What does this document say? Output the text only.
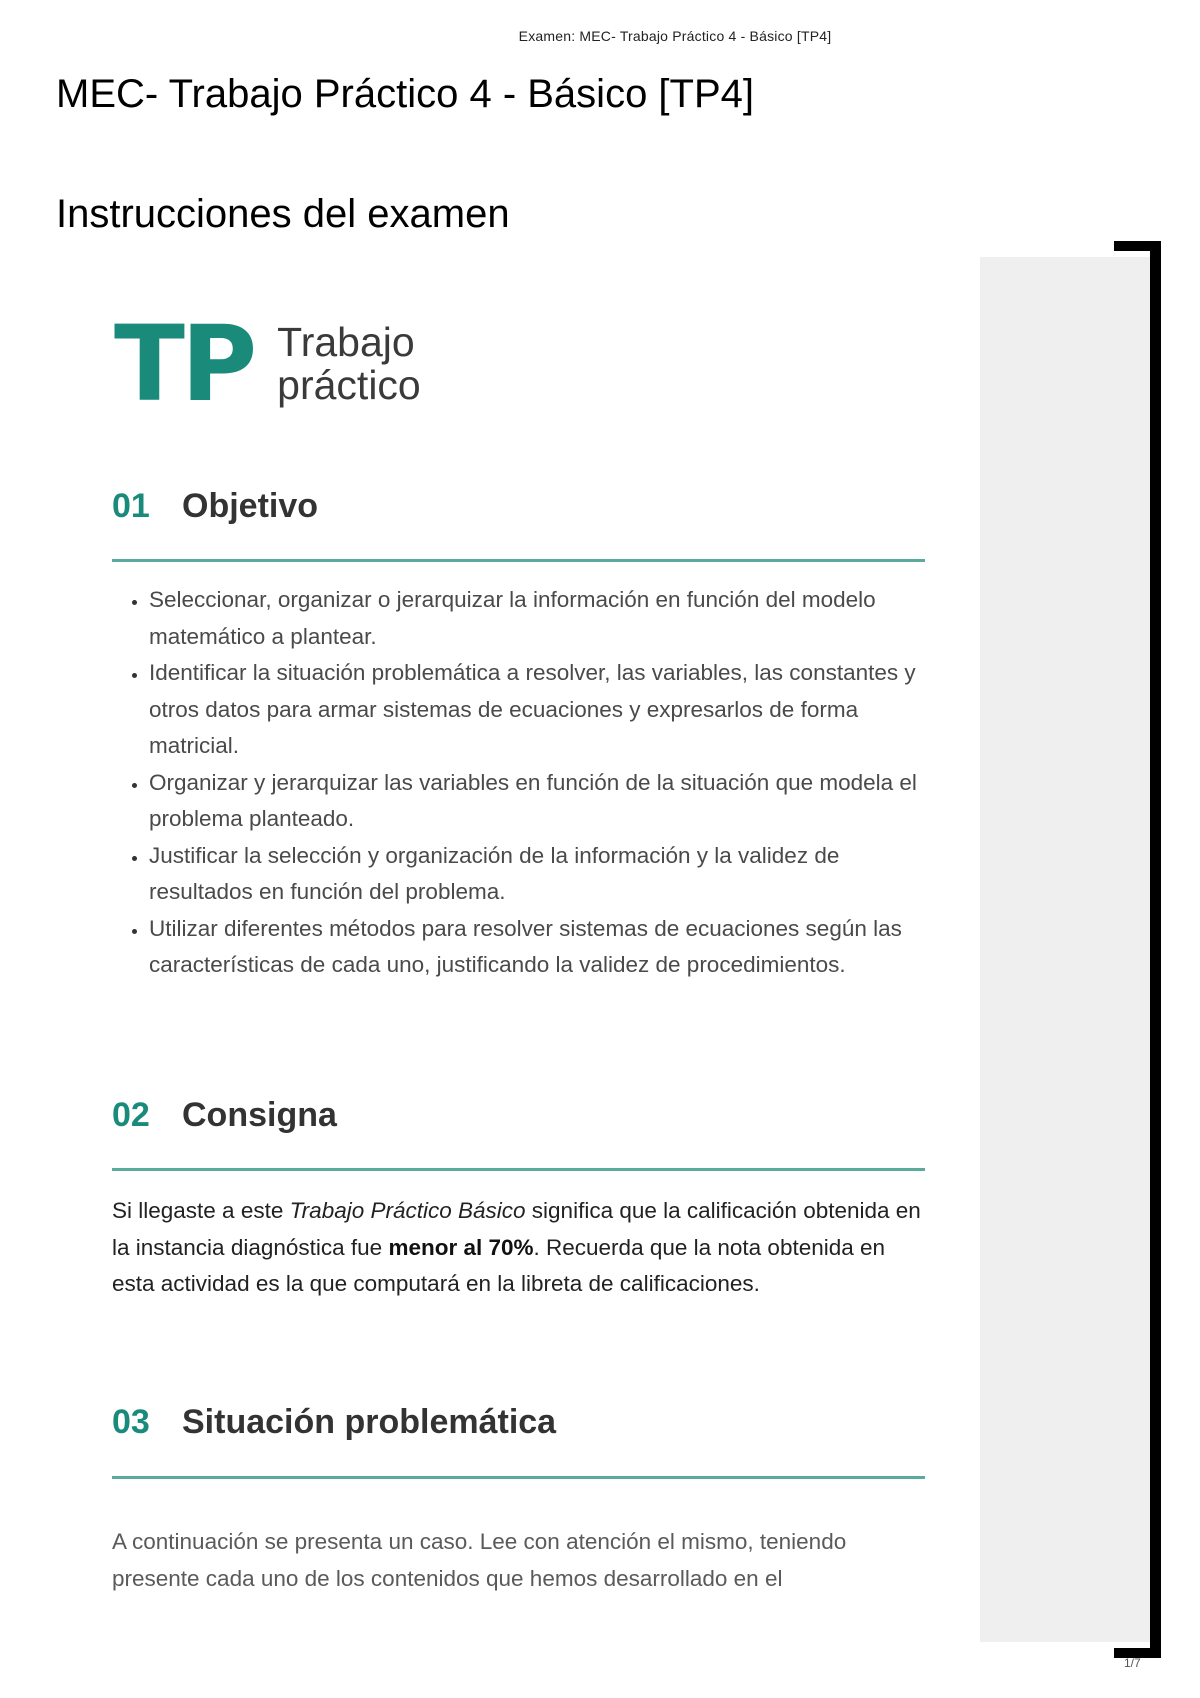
Examen: MEC- Trabajo Práctico 4 - Básico [TP4]
MEC- Trabajo Práctico 4 - Básico [TP4]
Instrucciones del examen
1/7
TP Trabajo
práctico
01 Objetivo
• Seleccionar, organizar o jerarquizar la información en función del modelo matemático a plantear.
• Identificar la situación problemática a resolver, las variables, las constantes y otros datos para armar sistemas de ecuaciones y expresarlos de forma matricial.
• Organizar y jerarquizar las variables en función de la situación que modela el problema planteado.
• Justificar la selección y organización de la información y la validez de resultados en función del problema.
• Utilizar diferentes métodos para resolver sistemas de ecuaciones según las características de cada uno, justificando la validez de procedimientos.
02 Consigna

Si llegaste a este Trabajo Práctico Básico significa que la calificación obtenida en la instancia diagnóstica fue menor al 70%. Recuerda que la nota obtenida en esta actividad es la que computará en la libreta de calificaciones.

03 Situación problemática

A continuación se presenta un caso. Lee con atención el mismo, teniendo presente cada uno de los contenidos que hemos desarrollado en el
